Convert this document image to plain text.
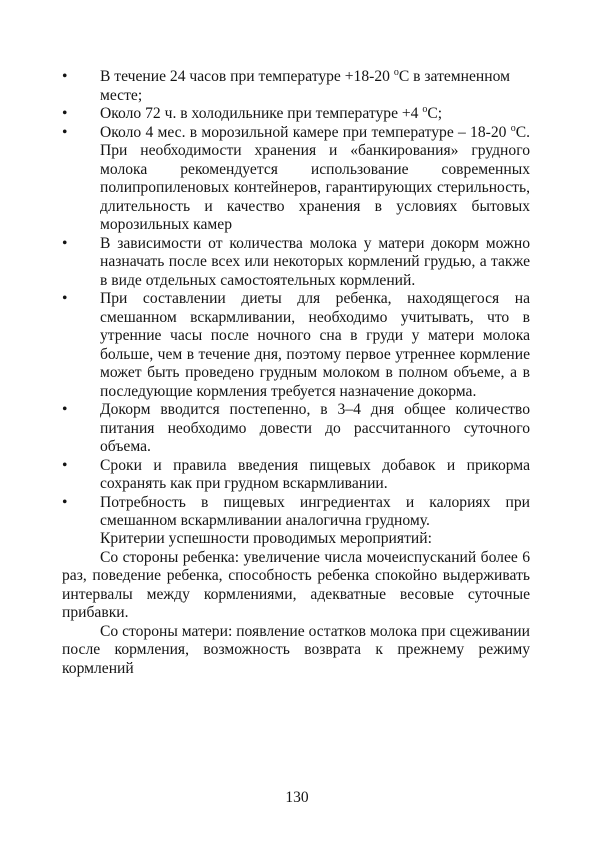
•	В течение 24 часов при температуре +18-20 $^o$C в затемненном месте;
•	Около 72 ч. в холодильнике при температуре +4 $^o$C;
•	Около 4 мес. в морозильной камере при температуре – 18-20 $^o$C. При необходимости хранения и «банкирования» грудного молока рекомендуется использование современных полипропиленовых контейнеров, гарантирующих стерильность, длительность и качество хранения в условиях бытовых морозильных камер
•	В зависимости от количества молока у матери докорм можно назначать после всех или некоторых кормлений грудью, а также в виде отдельных самостоятельных кормлений.
•	При составлении диеты для ребенка, находящегося на смешанном вскармливании, необходимо учитывать, что в утренние часы после ночного сна в груди у матери молока больше, чем в течение дня, поэтому первое утреннее кормление может быть проведено грудным молоком в полном объеме, а в последующие кормления требуется назначение докорма.
•	Докорм вводится постепенно, в 3–4 дня общее количество питания необходимо довести до рассчитанного суточного объема.
•	Сроки и правила введения пищевых добавок и прикорма сохранять как при грудном вскармливании.
•	Потребность в пищевых ингредиентах и калориях при смешанном вскармливании аналогична грудному.

Критерии успешности проводимых мероприятий:

Со стороны ребенка: увеличение числа мочеиспусканий более 6 раз, поведение ребенка, способность ребенка спокойно выдерживать интервалы между кормлениями, адекватные весовые суточные прибавки.

Со стороны матери: появление остатков молока при сцеживании после кормления, возможность возврата к прежнему режиму кормлений

130
